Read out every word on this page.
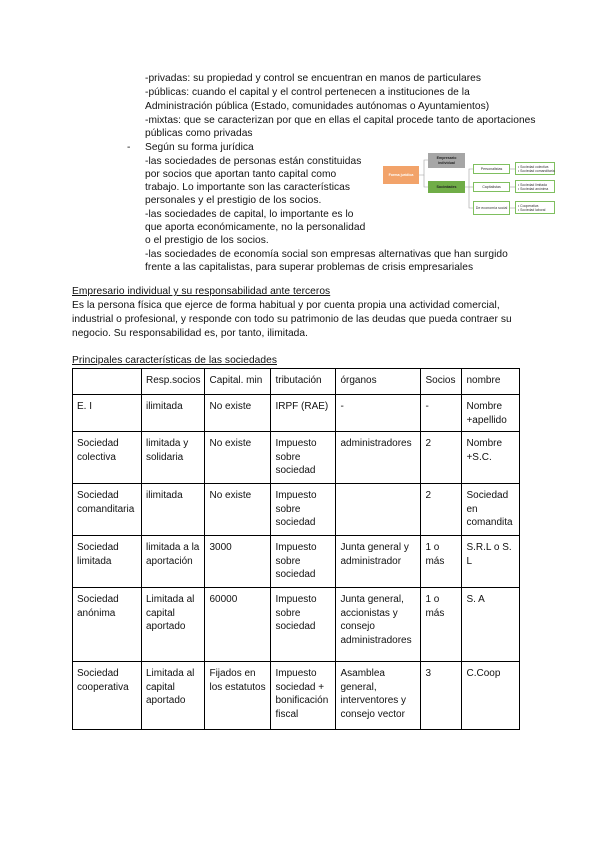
-privadas: su propiedad y control se encuentran en manos de particulares
-públicas: cuando el capital y el control pertenecen a instituciones de la
Administración pública (Estado, comunidades autónomas o Ayuntamientos)
-mixtas: que se caracterizan por que en ellas el capital procede tanto de aportaciones
públicas como privadas
- Según su forma jurídica
-las sociedades de personas están constituidas
por socios que aportan tanto capital como
trabajo. Lo importante son las características
personales y el prestigio de los socios.
-las sociedades de capital, lo importante es lo
que aporta económicamente, no la personalidad
o el prestigio de los socios.
-las sociedades de economía social son empresas alternativas que han surgido
frente a las capitalistas, para superar problemas de crisis empresariales
Forma jurídica
Empresario individual
Sociedades
Personalistas
Capitalistas
De economía social
• Sociedad colectiva
• Sociedad comanditaria
• Sociedad limitada
• Sociedad anónima
• Cooperativa
• Sociedad laboral
Empresario individual y su responsabilidad ante terceros
Es la persona física que ejerce de forma habitual y por cuenta propia una actividad comercial,
industrial o profesional, y responde con todo su patrimonio de las deudas que pueda contraer su
negocio. Su responsabilidad es, por tanto, ilimitada.
Principales características de las sociedades
	Resp.socios	Capital. min	tributación	órganos	Socios	nombre
E. I	ilimitada	No existe	IRPF (RAE)	-	-	Nombre +apellido
Sociedad colectiva	limitada y solidaria	No existe	Impuesto sobre sociedad	administradores	2	Nombre +S.C.
Sociedad comanditaria	ilimitada	No existe	Impuesto sobre sociedad		2	Sociedad en comandita
Sociedad limitada	limitada a la aportación	3000	Impuesto sobre sociedad	Junta general y administrador	1 o más	S.R.L o S. L
Sociedad anónima	Limitada al capital aportado	60000	Impuesto sobre sociedad	Junta general, accionistas y consejo administradores	1 o más	S. A
Sociedad cooperativa	Limitada al capital aportado	Fijados en los estatutos	Impuesto sociedad + bonificación fiscal	Asamblea general, interventores y consejo vector	3	C.Coop
